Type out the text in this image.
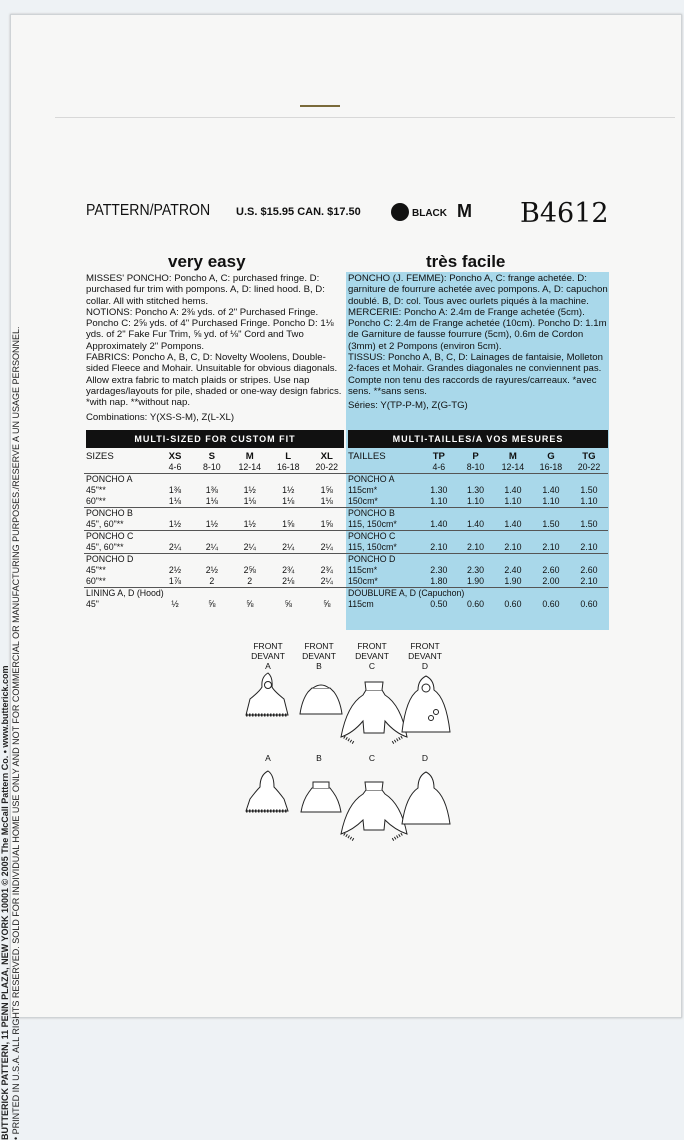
BUTTERICK PATTERN, 11 PENN PLAZA, NEW YORK 10001 © 2005 The McCall Pattern Co. • www.butterick.com • PRINTED IN U.S.A. ALL RIGHTS RESERVED. SOLD FOR INDIVIDUAL HOME USE ONLY AND NOT FOR COMMERCIAL OR MANUFACTURING PURPOSES./RESERVE A UN USAGE PERSONNEL.
PATTERN/PATRON U.S. $15.95 CAN. $17.50	BLACK M B4612
very easy	très facile
MISSES' PONCHO: Poncho A, C: purchased fringe. D: purchased fur trim with pompons. A, D: lined hood. B, D: collar. All with stitched hems.
NOTIONS: Poncho A: 2⅜ yds. of 2" Purchased Fringe. Poncho C: 2⅝ yds. of 4" Purchased Fringe. Poncho D: 1⅛ yds. of 2" Fake Fur Trim, ⅝ yd. of ⅛" Cord and Two Approximately 2" Pompons.
FABRICS: Poncho A, B, C, D: Novelty Woolens, Double-sided Fleece and Mohair. Unsuitable for obvious diagonals. Allow extra fabric to match plaids or stripes. Use nap yardages/layouts for pile, shaded or one-way design fabrics. *with nap. **without nap.
Combinations: Y(XS-S-M), Z(L-XL)
PONCHO (J. FEMME): Poncho A, C: frange achetée. D: garniture de fourrure achetée avec pompons. A, D: capuchon doublé. B, D: col. Tous avec ourlets piqués à la machine.
MERCERIE: Poncho A: 2.4m de Frange achetée (5cm). Poncho C: 2.4m de Frange achetée (10cm). Poncho D: 1.1m de Garniture de fausse fourrure (5cm), 0.6m de Cordon (3mm) et 2 Pompons (environ 5cm).
TISSUS: Poncho A, B, C, D: Lainages de fantaisie, Molleton 2-faces et Mohair. Grandes diagonales ne conviennent pas. Compte non tenu des raccords de rayures/carreaux. *avec sens. **sans sens.
Séries: Y(TP-P-M), Z(G-TG)
MULTI-SIZED FOR CUSTOM FIT	MULTI-TAILLES/A VOS MESURES
SIZES	XS	S	M	L	XL
	4-6	8-10	12-14	16-18	20-22
PONCHO A					
45"**	1⅜	1⅜	1½	1½	1⅝
60"**	1⅛	1⅛	1⅛	1⅛	1⅛
PONCHO B					
45", 60"**	1½	1½	1½	1⅝	1⅝
PONCHO C					
45", 60"**	2¼	2¼	2¼	2¼	2¼
PONCHO D					
45"**	2½	2½	2⅝	2¾	2¾
60"**	1⅞	2	2	2⅛	2¼
LINING A, D (Hood)					
45"	½	⅝	⅝	⅝	⅝
TAILLES	TP	P	M	G	TG
	4-6	8-10	12-14	16-18	20-22
PONCHO A					
115cm*	1.30	1.30	1.40	1.40	1.50
150cm*	1.10	1.10	1.10	1.10	1.10
PONCHO B					
115, 150cm*	1.40	1.40	1.40	1.50	1.50
PONCHO C					
115, 150cm*	2.10	2.10	2.10	2.10	2.10
PONCHO D					
115cm*	2.30	2.30	2.40	2.60	2.60
150cm*	1.80	1.90	1.90	2.00	2.10
DOUBLURE A, D (Capuchon)					
115cm	0.50	0.60	0.60	0.60	0.60
FRONT
DEVANT
A
FRONT
DEVANT
B
FRONT
DEVANT
C
FRONT
DEVANT
D
A	B	C	D
